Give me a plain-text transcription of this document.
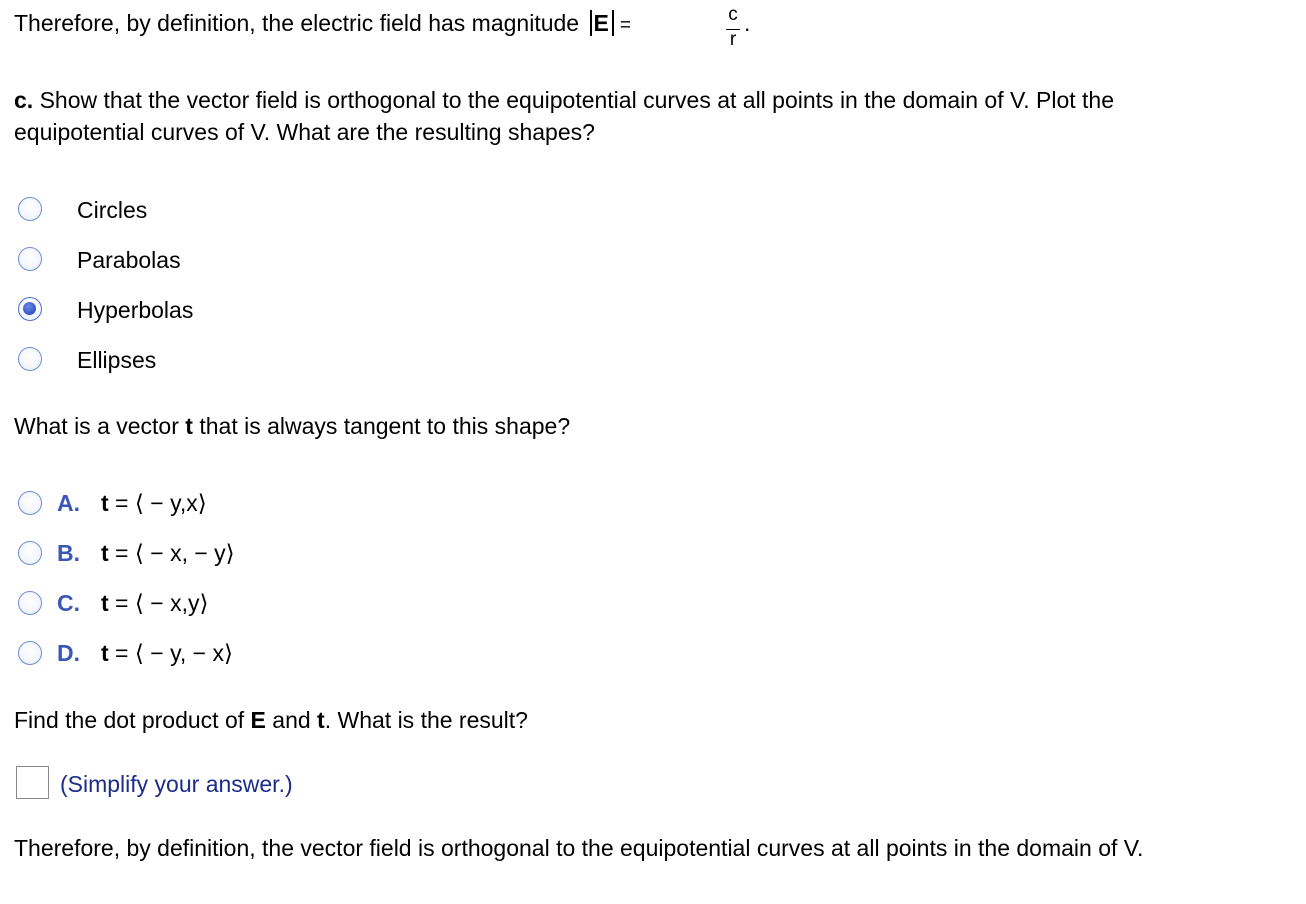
Therefore, by definition, the electric field has magnitude E =
c
r
.
c. Show that the vector field is orthogonal to the equipotential curves at all points in the domain of V. Plot the
equipotential curves of V. What are the resulting shapes?
Circles
Parabolas
Hyperbolas
Ellipses
What is a vector t that is always tangent to this shape?
A. t = ⟨ − y,x⟩
B. t = ⟨ − x, − y⟩
C. t = ⟨ − x,y⟩
D. t = ⟨ − y, − x⟩
Find the dot product of E and t. What is the result?
(Simplify your answer.)
Therefore, by definition, the vector field is orthogonal to the equipotential curves at all points in the domain of V.
